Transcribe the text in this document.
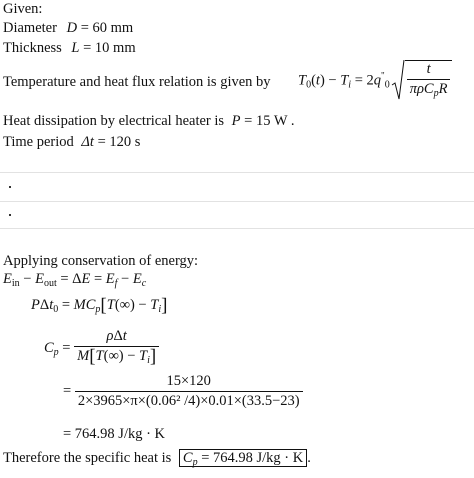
Given:
Diameter D = 60 mm
Thickness L = 10 mm
Temperature and heat flux relation is given by $T_0(t) - T_i = 2q^"_0 \frac{t}{\pi\rho C_pR}$
Heat dissipation by electrical heater is P = 15 W .
Time period Δt = 120 s
Applying conservation of energy:
$E_{in} - E_{out} = \Delta E = E_f - E_c$
$P\Delta t_0 = MC_p[T(\infty) - T_i]$
$C_p = \frac{\text{ρΔt}}{M[T(\infty) - T_i]}$
= $\frac{15\times 120}{\text{2×3965×π×(0.06² /4)×0.01×(33.5−23)}}$
= 764.98 J/kg · K
Therefore the specific heat is $C_p = 764.98$ J/kg · K .
